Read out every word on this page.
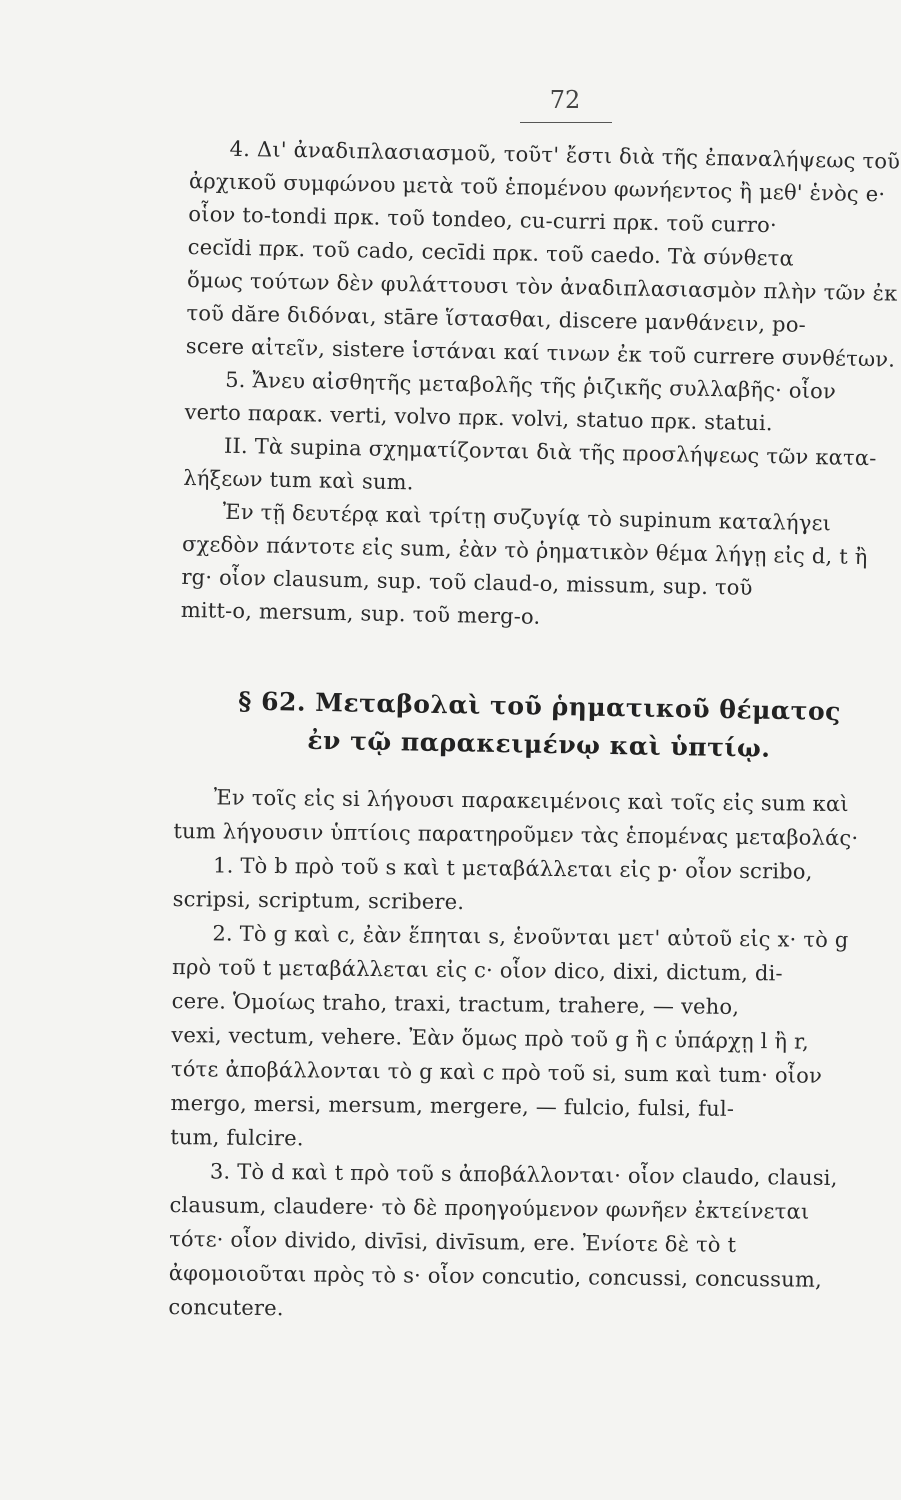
72
4. Δι' ἀναδιπλασιασμοῦ, τοῦτ' ἔστι διὰ τῆς ἐπαναλήψεως τοῦ
ἀρχικοῦ συμφώνου μετὰ τοῦ ἑπομένου φωνήεντος ἢ μεθ' ἑνὸς e·
οἷον to-tondi πρκ. τοῦ tondeo, cu-curri πρκ. τοῦ curro·
cecĭdi πρκ. τοῦ cado, cecīdi πρκ. τοῦ caedo. Τὰ σύνθετα
ὅμως τούτων δὲν φυλάττουσι τὸν ἀναδιπλασιασμὸν πλὴν τῶν ἐκ
τοῦ dăre διδόναι, stāre ἵστασθαι, discere μανθάνειν, po-
scere αἰτεῖν, sistere ἱστάναι καί τινων ἐκ τοῦ currere συνθέτων.
5. Ἄνευ αἰσθητῆς μεταβολῆς τῆς ῥιζικῆς συλλαβῆς· οἷον
verto παρακ. verti, volvo πρκ. volvi, statuo πρκ. statui.
II. Τὰ supina σχηματίζονται διὰ τῆς προσλήψεως τῶν κατα-
λήξεων tum καὶ sum.
Ἐν τῇ δευτέρᾳ καὶ τρίτῃ συζυγίᾳ τὸ supinum καταλήγει
σχεδὸν πάντοτε εἰς sum, ἐὰν τὸ ῥηματικὸν θέμα λήγῃ εἰς d, t ἢ
rg· οἷον clausum, sup. τοῦ claud-o, missum, sup. τοῦ
mitt-o, mersum, sup. τοῦ merg-o.
§ 62. Μεταβολαὶ τοῦ ῥηματικοῦ θέματος
ἐν τῷ παρακειμένῳ καὶ ὑπτίῳ.
Ἐν τοῖς εἰς si λήγουσι παρακειμένοις καὶ τοῖς εἰς sum καὶ
tum λήγουσιν ὑπτίοις παρατηροῦμεν τὰς ἑπομένας μεταβολάς·
1. Τὸ b πρὸ τοῦ s καὶ t μεταβάλλεται εἰς p· οἷον scribo,
scripsi, scriptum, scribere.
2. Τὸ g καὶ c, ἐὰν ἕπηται s, ἑνοῦνται μετ' αὐτοῦ εἰς x· τὸ g
πρὸ τοῦ t μεταβάλλεται εἰς c· οἷον dico, dixi, dictum, di-
cere. Ὁμοίως traho, traxi, tractum, trahere, — veho,
vexi, vectum, vehere. Ἐὰν ὅμως πρὸ τοῦ g ἢ c ὑπάρχῃ l ἢ r,
τότε ἀποβάλλονται τὸ g καὶ c πρὸ τοῦ si, sum καὶ tum· οἷον
mergo, mersi, mersum, mergere, — fulcio, fulsi, ful-
tum, fulcire.
3. Τὸ d καὶ t πρὸ τοῦ s ἀποβάλλονται· οἷον claudo, clausi,
clausum, claudere· τὸ δὲ προηγούμενον φωνῆεν ἐκτείνεται
τότε· οἷον divido, divīsi, divīsum, ere. Ἐνίοτε δὲ τὸ t
ἀφομοιοῦται πρὸς τὸ s· οἷον concutio, concussi, concussum,
concutere.
